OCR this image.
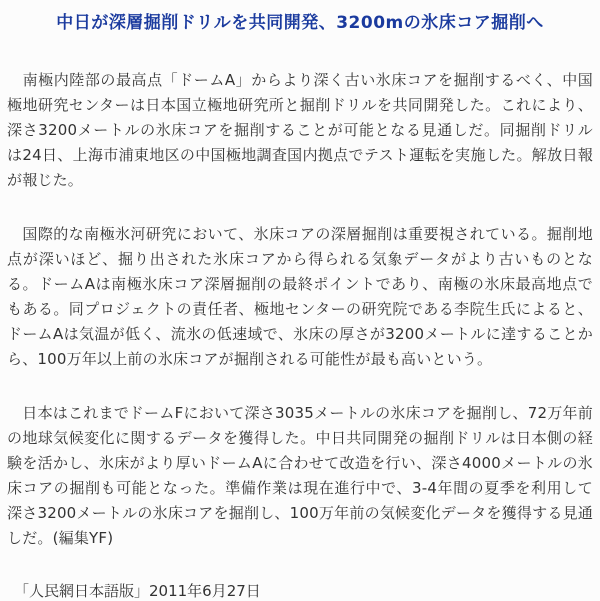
中日が深層掘削ドリルを共同開発、3200mの氷床コア掘削へ

　南極内陸部の最高点「ドームA」からより深く古い氷床コアを掘削するべく、中国極地研究センターは日本国立極地研究所と掘削ドリルを共同開発した。これにより、深さ3200メートルの氷床コアを掘削することが可能となる見通しだ。同掘削ドリルは24日、上海市浦東地区の中国極地調査国内拠点でテスト運転を実施した。解放日報が報じた。

　国際的な南極氷河研究において、氷床コアの深層掘削は重要視されている。掘削地点が深いほど、掘り出された氷床コアから得られる気象データがより古いものとなる。ドームAは南極氷床コア深層掘削の最終ポイントであり、南極の氷床最高地点でもある。同プロジェクトの責任者、極地センターの研究院である李院生氏によると、ドームAは気温が低く、流氷の低速域で、氷床の厚さが3200メートルに達することから、100万年以上前の氷床コアが掘削される可能性が最も高いという。

　日本はこれまでドームFにおいて深さ3035メートルの氷床コアを掘削し、72万年前の地球気候変化に関するデータを獲得した。中日共同開発の掘削ドリルは日本側の経験を活かし、氷床がより厚いドームAに合わせて改造を行い、深さ4000メートルの氷床コアの掘削も可能となった。準備作業は現在進行中で、3-4年間の夏季を利用して深さ3200メートルの氷床コアを掘削し、100万年前の気候変化データを獲得する見通しだ。(編集YF)

「人民網日本語版」2011年6月27日
